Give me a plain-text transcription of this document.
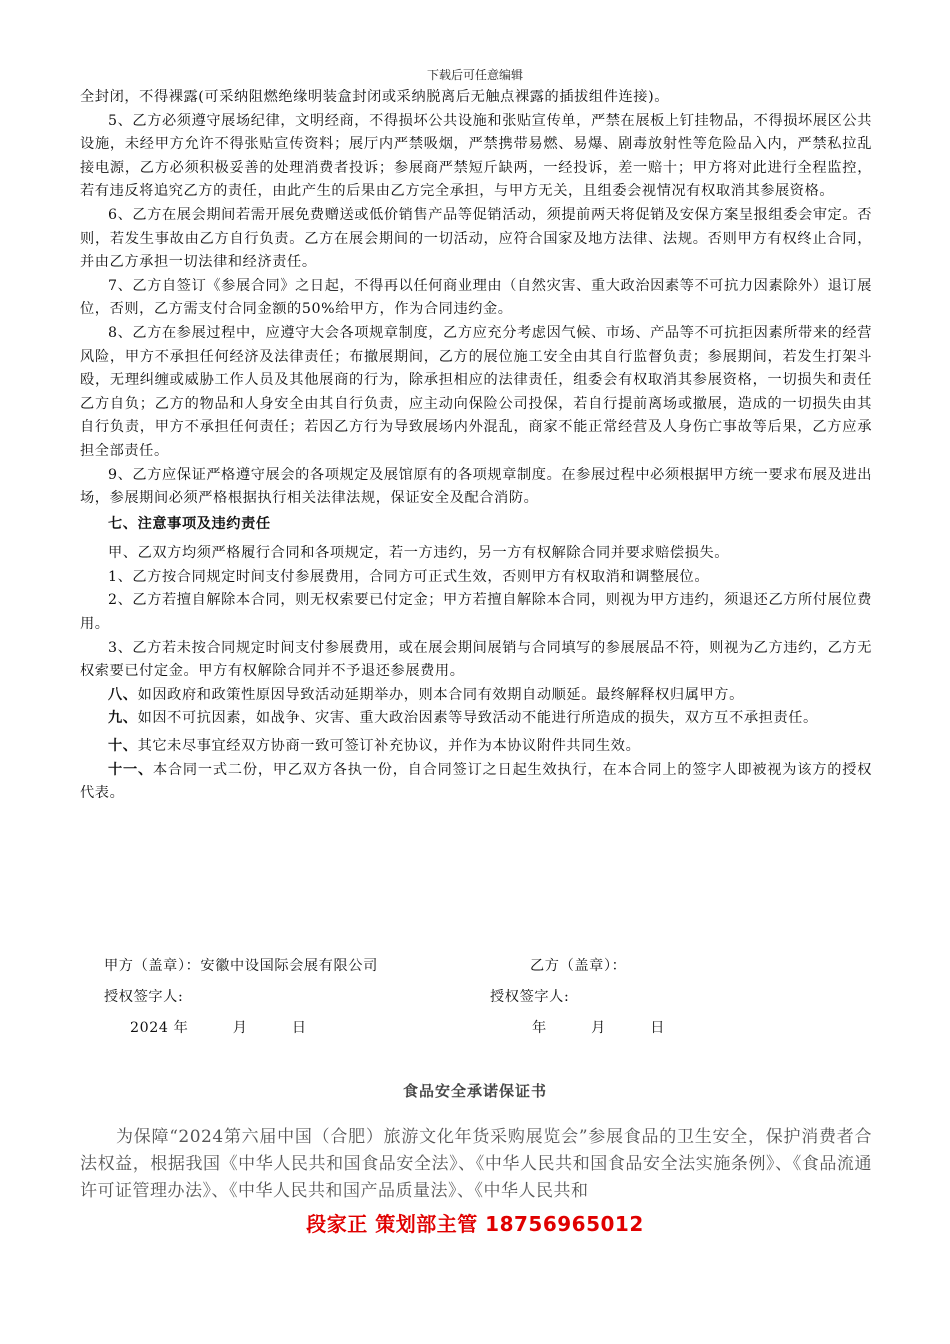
下载后可任意编辑

全封闭，不得裸露(可采纳阻燃绝缘明装盒封闭或采纳脱离后无触点裸露的插拔组件连接)。

5、乙方必须遵守展场纪律，文明经商，不得损坏公共设施和张贴宣传单，严禁在展板上钉挂物品，不得损坏展区公共设施，未经甲方允许不得张贴宣传资料；展厅内严禁吸烟，严禁携带易燃、易爆、剧毒放射性等危险品入内，严禁私拉乱接电源，乙方必须积极妥善的处理消费者投诉；参展商严禁短斤缺两，一经投诉，差一赔十；甲方将对此进行全程监控，若有违反将追究乙方的责任，由此产生的后果由乙方完全承担，与甲方无关，且组委会视情况有权取消其参展资格。

6、乙方在展会期间若需开展免费赠送或低价销售产品等促销活动，须提前两天将促销及安保方案呈报组委会审定。否则，若发生事故由乙方自行负责。乙方在展会期间的一切活动，应符合国家及地方法律、法规。否则甲方有权终止合同，并由乙方承担一切法律和经济责任。

7、乙方自签订《参展合同》之日起，不得再以任何商业理由（自然灾害、重大政治因素等不可抗力因素除外）退订展位，否则，乙方需支付合同金额的50%给甲方，作为合同违约金。

8、乙方在参展过程中，应遵守大会各项规章制度，乙方应充分考虑因气候、市场、产品等不可抗拒因素所带来的经营风险，甲方不承担任何经济及法律责任；布撤展期间，乙方的展位施工安全由其自行监督负责；参展期间，若发生打架斗殴，无理纠缠或威胁工作人员及其他展商的行为，除承担相应的法律责任，组委会有权取消其参展资格，一切损失和责任乙方自负；乙方的物品和人身安全由其自行负责，应主动向保险公司投保，若自行提前离场或撤展，造成的一切损失由其自行负责，甲方不承担任何责任；若因乙方行为导致展场内外混乱，商家不能正常经营及人身伤亡事故等后果，乙方应承担全部责任。

9、乙方应保证严格遵守展会的各项规定及展馆原有的各项规章制度。在参展过程中必须根据甲方统一要求布展及进出场，参展期间必须严格根据执行相关法律法规，保证安全及配合消防。

七、注意事项及违约责任

甲、乙双方均须严格履行合同和各项规定，若一方违约，另一方有权解除合同并要求赔偿损失。

1、乙方按合同规定时间支付参展费用，合同方可正式生效，否则甲方有权取消和调整展位。

2、乙方若擅自解除本合同，则无权索要已付定金；甲方若擅自解除本合同，则视为甲方违约，须退还乙方所付展位费用。

3、乙方若未按合同规定时间支付参展费用，或在展会期间展销与合同填写的参展展品不符，则视为乙方违约，乙方无权索要已付定金。甲方有权解除合同并不予退还参展费用。

八、如因政府和政策性原因导致活动延期举办，则本合同有效期自动顺延。最终解释权归属甲方。

九、如因不可抗因素，如战争、灾害、重大政治因素等导致活动不能进行所造成的损失，双方互不承担责任。

十、其它未尽事宜经双方协商一致可签订补充协议，并作为本协议附件共同生效。

十一、本合同一式二份，甲乙双方各执一份，自合同签订之日起生效执行，在本合同上的签字人即被视为该方的授权代表。

甲方（盖章）：安徽中设国际会展有限公司	乙方（盖章）：
授权签字人:	授权签字人:
2024 年　　　月　　　日	年　　　月　　　日
食品安全承诺保证书
为保障“2024第六届中国（合肥）旅游文化年货采购展览会”参展食品的卫生安全，保护消费者合法权益，根据我国《中华人民共和国食品安全法》、《中华人民共和国食品安全法实施条例》、《食品流通许可证管理办法》、《中华人民共和国产品质量法》、《中华人民共和
段家正 策划部主管 18756965012
